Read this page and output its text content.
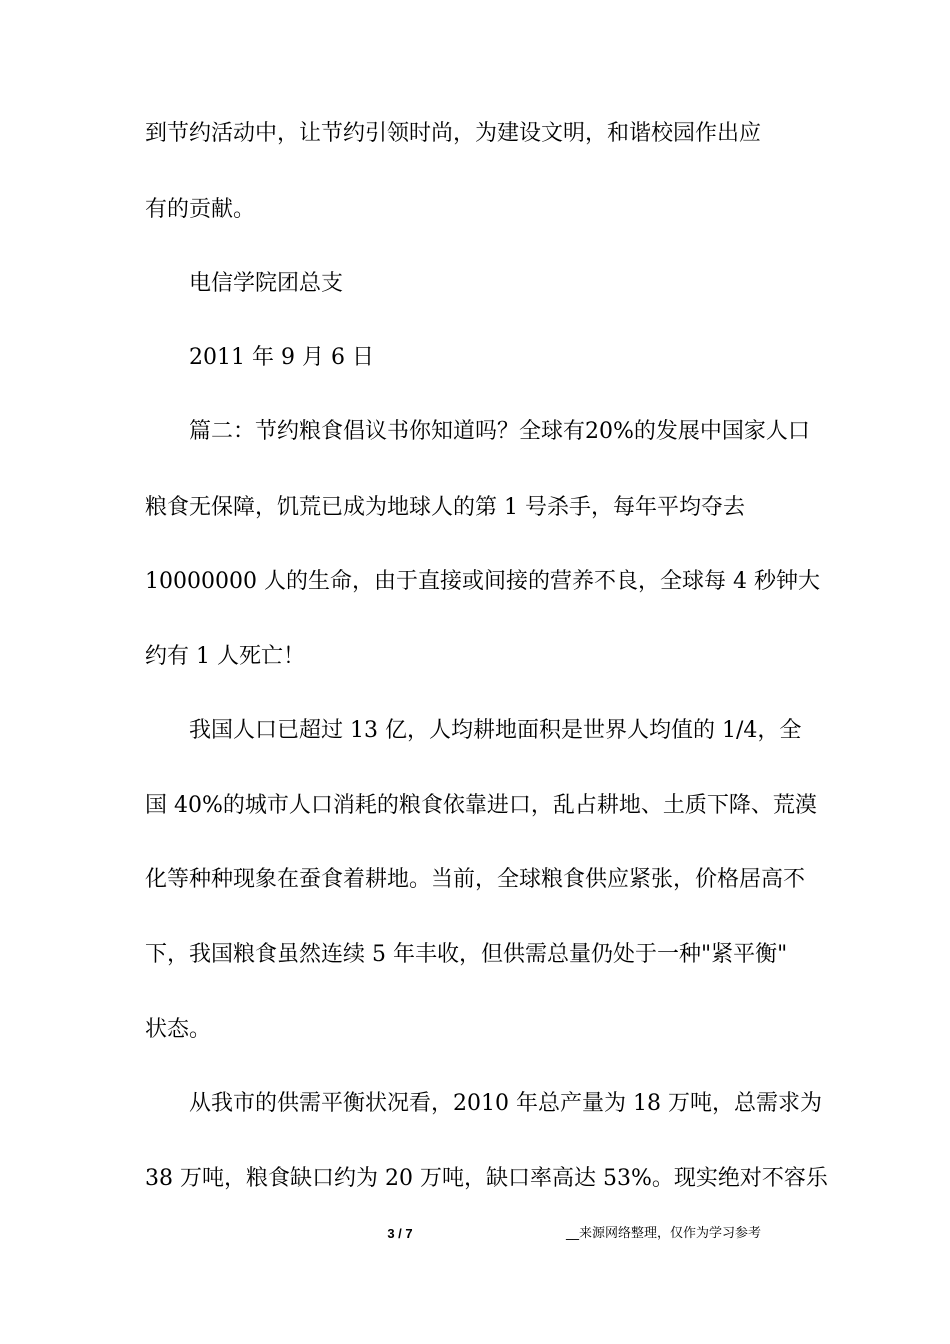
到节约活动中，让节约引领时尚，为建设文明，和谐校园作出应
有的贡献。
电信学院团总支
2011 年 9 月 6 日
篇二：节约粮食倡议书你知道吗？全球有20%的发展中国家人口
粮食无保障，饥荒已成为地球人的第 1 号杀手，每年平均夺去
10000000 人的生命，由于直接或间接的营养不良，全球每 4 秒钟大
约有 1 人死亡！
我国人口已超过 13 亿，人均耕地面积是世界人均值的 1/4，全
国 40%的城市人口消耗的粮食依靠进口，乱占耕地、土质下降、荒漠
化等种种现象在蚕食着耕地。当前，全球粮食供应紧张，价格居高不
下，我国粮食虽然连续 5 年丰收，但供需总量仍处于一种"紧平衡"
状态。
从我市的供需平衡状况看，2010 年总产量为 18 万吨，总需求为
38 万吨，粮食缺口约为 20 万吨，缺口率高达 53%。现实绝对不容乐
3 / 7	__来源网络整理，仅作为学习参考
